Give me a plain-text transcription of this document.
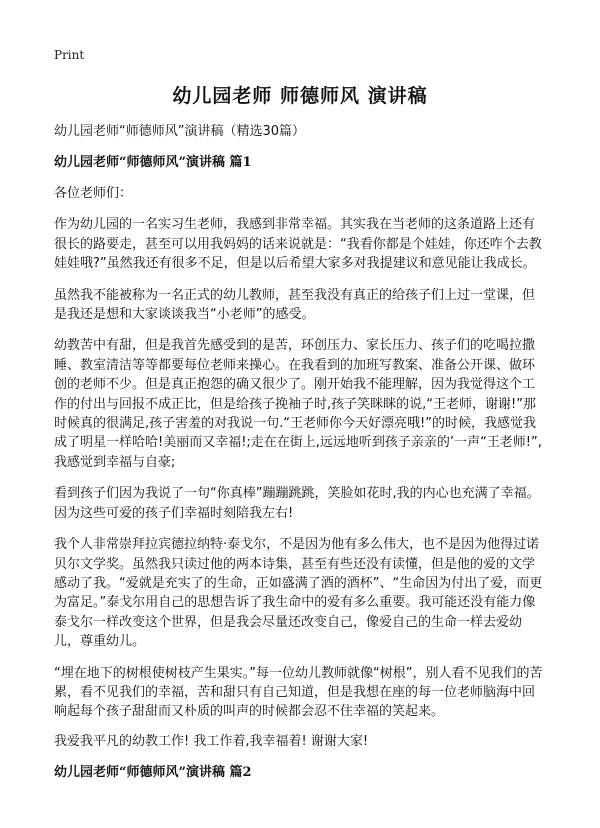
Print
幼儿园老师 师德师风 演讲稿
幼儿园老师“师德师风”演讲稿（精选30篇）
幼儿园老师“师德师风”演讲稿 篇1

各位老师们：

作为幼儿园的一名实习生老师，我感到非常幸福。其实我在当老师的这条道路上还有很长的路要走，甚至可以用我妈妈的话来说就是：“我看你都是个娃娃，你还咋个去教娃娃哦?”虽然我还有很多不足，但是以后希望大家多对我提建议和意见能让我成长。

虽然我不能被称为一名正式的幼儿教师，甚至我没有真正的给孩子们上过一堂课，但是我还是想和大家谈谈我当“小老师”的感受。

幼教苦中有甜，但是我首先感受到的是苦，环创压力、家长压力、孩子们的吃喝拉撒睡、教室清洁等等都要每位老师来操心。在我看到的加班写教案、准备公开课、做环创的老师不少。但是真正抱怨的确又很少了。刚开始我不能理解，因为我觉得这个工作的付出与回报不成正比，但是给孩子挽袖子时,孩子笑眯眯的说,“王老师，谢谢!”那时候真的很满足,孩子害羞的对我说一句.“王老师你今天好漂亮哦!”的时候，我感觉我成了明星一样哈哈!美丽而又幸福!;走在在街上,远远地听到孩子亲亲的’一声“王老师!”,我感觉到幸福与自豪;

看到孩子们因为我说了一句“你真棒”蹦蹦跳跳，笑脸如花时,我的内心也充满了幸福。因为这些可爱的孩子们幸福时刻陪我左右!

我个人非常崇拜拉宾德拉纳特·泰戈尔，不是因为他有多么伟大，也不是因为他得过诺贝尔文学奖。虽然我只读过他的两本诗集，甚至有些还没有读懂，但是他的爱的文学感动了我。“爱就是充实了的生命，正如盛满了酒的酒杯”、“生命因为付出了爱，而更为富足。”泰戈尔用自己的思想告诉了我生命中的爱有多么重要。我可能还没有能力像泰戈尔一样改变这个世界，但是我会尽量还改变自己，像爱自己的生命一样去爱幼儿，尊重幼儿。

“埋在地下的树根使树枝产生果实。”每一位幼儿教师就像“树根”，别人看不见我们的苦累，看不见我们的幸福，苦和甜只有自己知道，但是我想在座的每一位老师脑海中回响起每个孩子甜甜而又朴质的叫声的时候都会忍不住幸福的笑起来。

我爱我平凡的幼教工作! 我工作着,我幸福着! 谢谢大家!

幼儿园老师“师德师风”演讲稿 篇2
